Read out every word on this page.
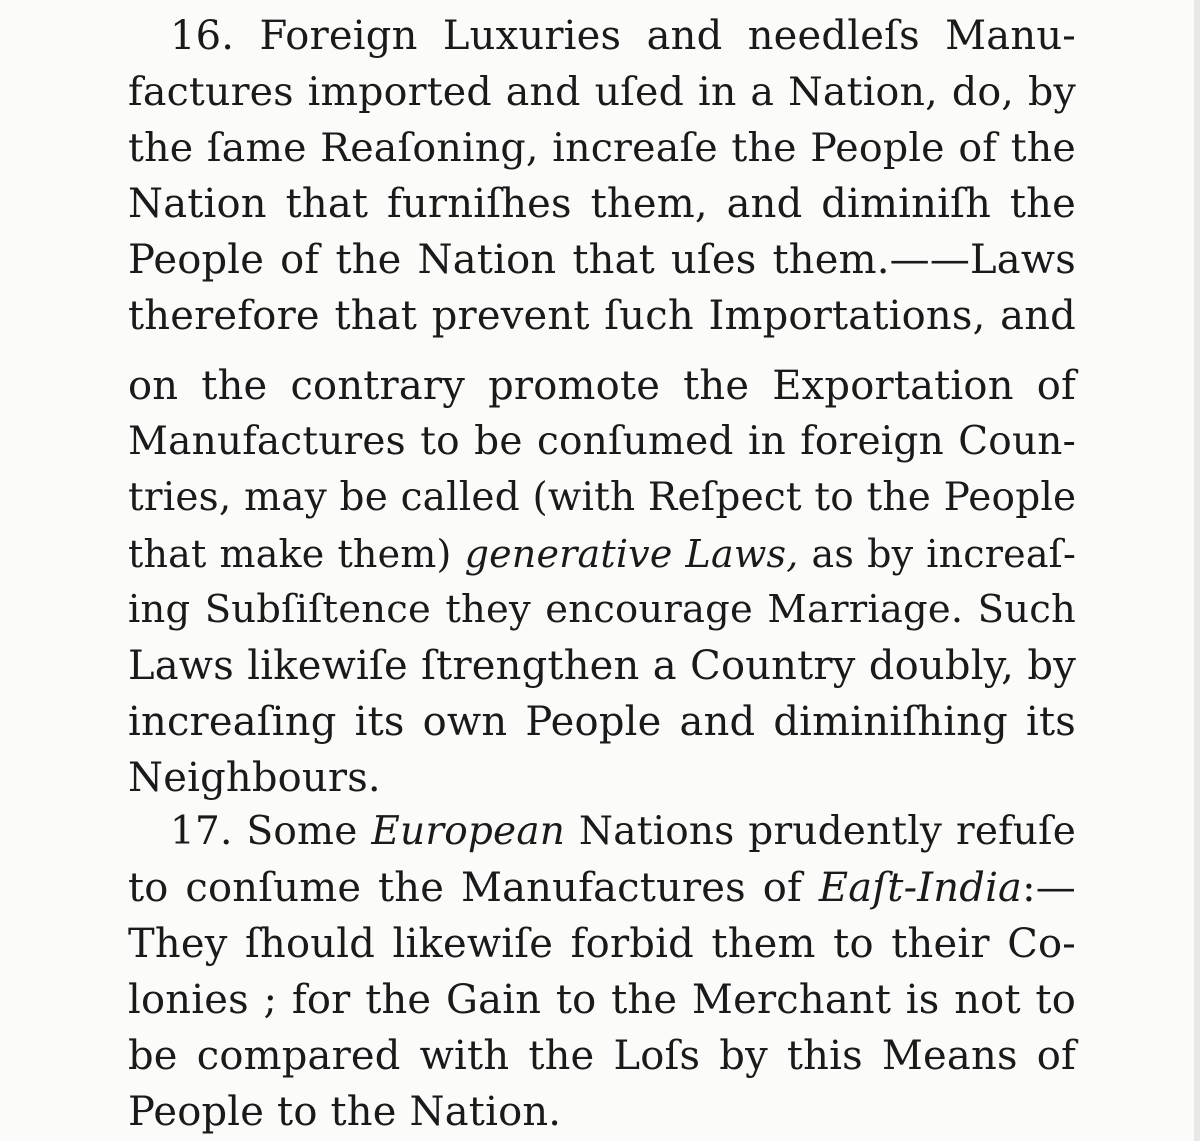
16. Foreign Luxuries and needleſs Manu-
factures imported and uſed in a Nation, do, by
the ſame Reaſoning, increaſe the People of the
Nation that furniſhes them, and diminiſh the
People of the Nation that uſes them.——Laws
therefore that prevent ſuch Importations, and
on the contrary promote the Exportation of
Manufactures to be conſumed in foreign Coun-
tries, may be called (with Reſpect to the People
that make them) generative Laws, as by increaſ-
ing Subſiſtence they encourage Marriage. Such
Laws likewiſe ſtrengthen a Country doubly, by
increaſing its own People and diminiſhing its
Neighbours.
17. Some European Nations prudently refuſe
to conſume the Manufactures of Eaſt-India:—
They ſhould likewiſe forbid them to their Co-
lonies ; for the Gain to the Merchant is not to
be compared with the Loſs by this Means of
People to the Nation.
